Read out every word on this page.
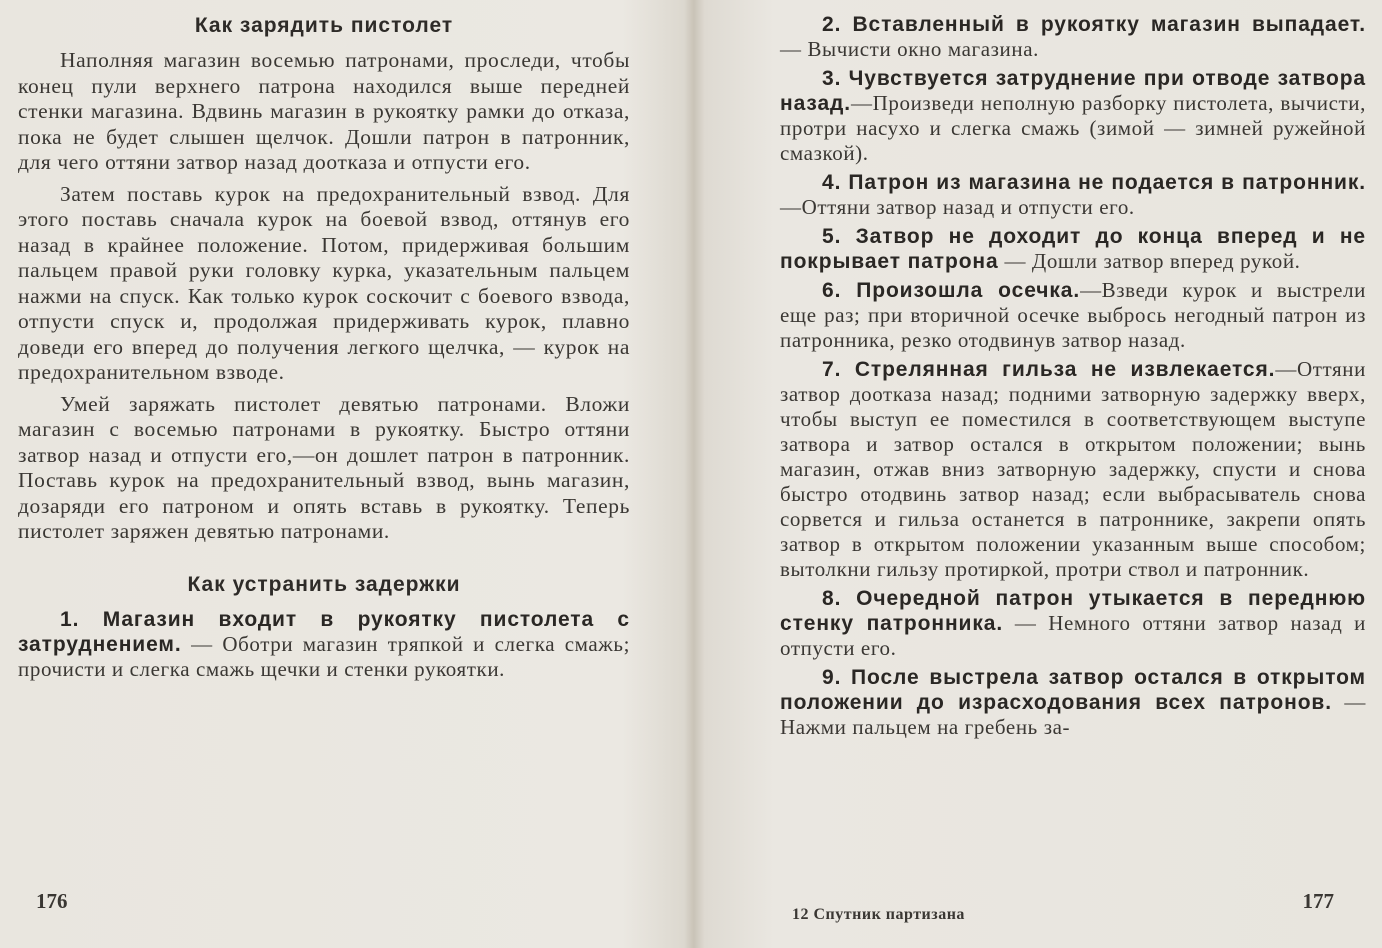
Как зарядить пистолет

Наполняя магазин восемью патронами, проследи, чтобы конец пули верхнего патрона находился выше передней стенки магазина. Вдвинь магазин в рукоятку рамки до отказа, пока не будет слышен щелчок. Дошли патрон в патронник, для чего оттяни затвор назад доотказа и отпусти его.

Затем поставь курок на предохранительный взвод. Для этого поставь сначала курок на боевой взвод, оттянув его назад в крайнее положение. Потом, придерживая большим пальцем правой руки головку курка, указательным пальцем нажми на спуск. Как только курок соскочит с боевого взвода, отпусти спуск и, продолжая придерживать курок, плавно доведи его вперед до получения легкого щелчка, — курок на предохранительном взводе.

Умей заряжать пистолет девятью патронами. Вложи магазин с восемью патронами в рукоятку. Быстро оттяни затвор назад и отпусти его,—он дошлет патрон в патронник. Поставь курок на предохранительный взвод, вынь магазин, дозаряди его патроном и опять вставь в рукоятку. Теперь пистолет заряжен девятью патронами.

Как устранить задержки

1. Магазин входит в рукоятку пистолета с затруднением. — Оботри магазин тряпкой и слегка смажь; прочисти и слегка смажь щечки и стенки рукоятки.

176

2. Вставленный в рукоятку магазин выпадает. — Вычисти окно магазина.

3. Чувствуется затруднение при отводе затвора назад.—Произведи неполную разборку пистолета, вычисти, протри насухо и слегка смажь (зимой — зимней ружейной смазкой).

4. Патрон из магазина не подается в патронник.—Оттяни затвор назад и отпусти его.

5. Затвор не доходит до конца вперед и не покрывает патрона — Дошли затвор вперед рукой.

6. Произошла осечка.—Взведи курок и выстрели еще раз; при вторичной осечке выбрось негодный патрон из патронника, резко отодвинув затвор назад.

7. Стрелянная гильза не извлекается.—Оттяни затвор доотказа назад; подними затворную задержку вверх, чтобы выступ ее поместился в соответствующем выступе затвора и затвор остался в открытом положении; вынь магазин, отжав вниз затворную задержку, спусти и снова быстро отодвинь затвор назад; если выбрасыватель снова сорвется и гильза останется в патроннике, закрепи опять затвор в открытом положении указанным выше способом; вытолкни гильзу протиркой, протри ствол и патронник.

8. Очередной патрон утыкается в переднюю стенку патронника. — Немного оттяни затвор назад и отпусти его.

9. После выстрела затвор остался в открытом положении до израсходования всех патронов. — Нажми пальцем на гребень за-

12 Спутник партизана
177
